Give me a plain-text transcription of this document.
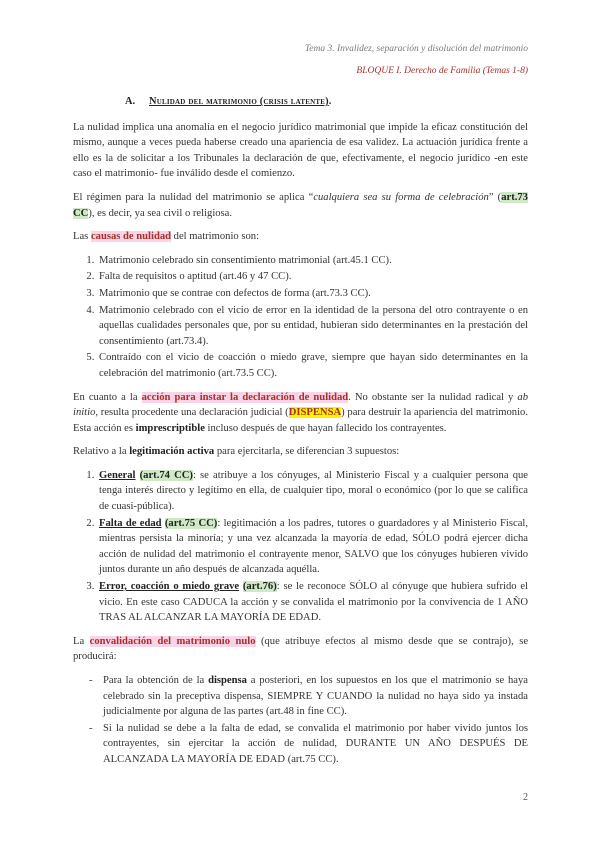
Tema 3. Invalidez, separación y disolución del matrimonio
BLOQUE I. Derecho de Familia (Temas 1-8)
A. Nulidad del matrimonio (crisis latente).

La nulidad implica una anomalía en el negocio jurídico matrimonial que impide la eficaz constitución del mismo, aunque a veces pueda haberse creado una apariencia de esa validez. La actuación jurídica frente a ello es la de solicitar a los Tribunales la declaración de que, efectivamente, el negocio jurídico -en este caso el matrimonio- fue inválido desde el comienzo.

El régimen para la nulidad del matrimonio se aplica “cualquiera sea su forma de celebración” (art.73 CC), es decir, ya sea civil o religiosa.

Las causas de nulidad del matrimonio son:

1. Matrimonio celebrado sin consentimiento matrimonial (art.45.1 CC).
2. Falta de requisitos o aptitud (art.46 y 47 CC).
3. Matrimonio que se contrae con defectos de forma (art.73.3 CC).
4. Matrimonio celebrado con el vicio de error en la identidad de la persona del otro contrayente o en aquellas cualidades personales que, por su entidad, hubieran sido determinantes en la prestación del consentimiento (art.73.4).
5. Contraído con el vicio de coacción o miedo grave, siempre que hayan sido determinantes en la celebración del matrimonio (art.73.5 CC).

En cuanto a la acción para instar la declaración de nulidad. No obstante ser la nulidad radical y ab initio, resulta procedente una declaración judicial (DISPENSA) para destruir la apariencia del matrimonio. Esta acción es imprescriptible incluso después de que hayan fallecido los contrayentes.

Relativo a la legitimación activa para ejercitarla, se diferencian 3 supuestos:

1. General (art.74 CC): se atribuye a los cónyuges, al Ministerio Fiscal y a cualquier persona que tenga interés directo y legítimo en ella, de cualquier tipo, moral o económico (por lo que se califica de cuasi-pública).
2. Falta de edad (art.75 CC): legitimación a los padres, tutores o guardadores y al Ministerio Fiscal, mientras persista la minoría; y una vez alcanzada la mayoría de edad, SÓLO podrá ejercer dicha acción de nulidad del matrimonio el contrayente menor, SALVO que los cónyuges hubieren vivido juntos durante un año después de alcanzada aquélla.
3. Error, coacción o miedo grave (art.76): se le reconoce SÓLO al cónyuge que hubiera sufrido el vicio. En este caso CADUCA la acción y se convalida el matrimonio por la convivencia de 1 AÑO TRAS AL ALCANZAR LA MAYORÍA DE EDAD.

La convalidación del matrimonio nulo (que atribuye efectos al mismo desde que se contrajo), se producirá:

- Para la obtención de la dispensa a posteriori, en los supuestos en los que el matrimonio se haya celebrado sin la preceptiva dispensa, SIEMPRE Y CUANDO la nulidad no haya sido ya instada judicialmente por alguna de las partes (art.48 in fine CC).
- Si la nulidad se debe a la falta de edad, se convalida el matrimonio por haber vivido juntos los contrayentes, sin ejercitar la acción de nulidad, DURANTE UN AÑO DESPUÉS DE ALCANZADA LA MAYORÍA DE EDAD (art.75 CC).
2
